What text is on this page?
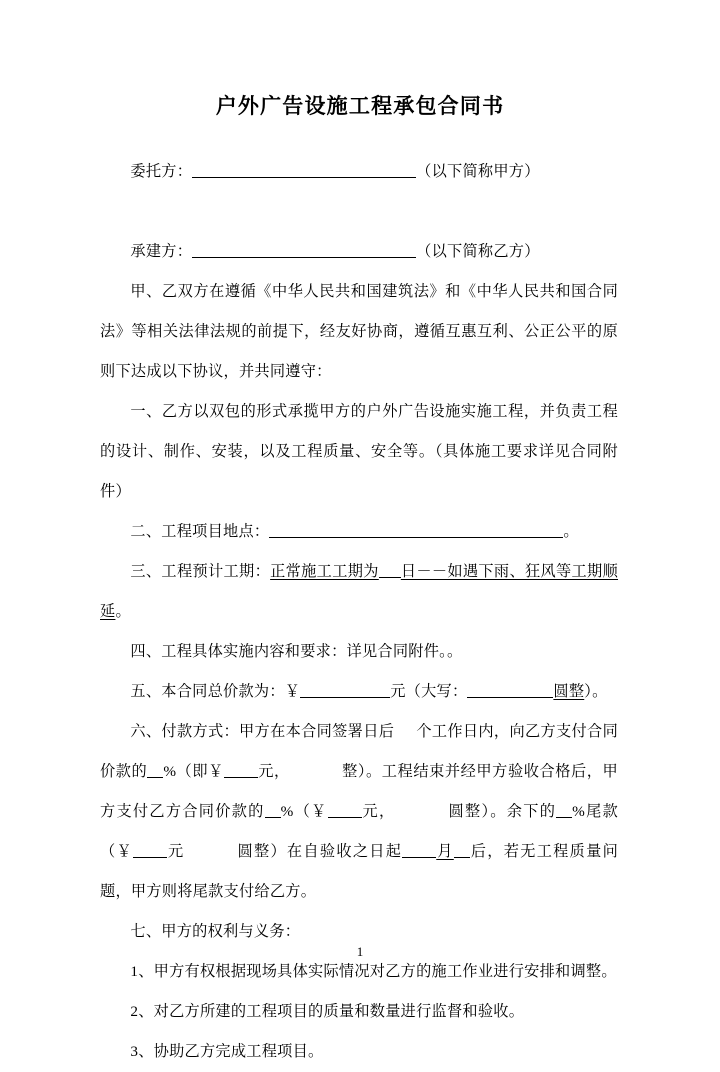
户外广告设施工程承包合同书

委托方：	（以下简称甲方）

承建方：	（以下简称乙方）

甲、乙双方在遵循《中华人民共和国建筑法》和《中华人民共和国合同法》等相关法律法规的前提下，经友好协商，遵循互惠互利、公正公平的原则下达成以下协议，并共同遵守：

一、乙方以双包的形式承揽甲方的户外广告设施实施工程，并负责工程的设计、制作、安装，以及工程质量、安全等。（具体施工要求详见合同附件）

二、工程项目地点：	。

三、工程预计工期：正常施工工期为 日－－如遇下雨、狂风等工期顺延。

四、工程具体实施内容和要求：详见合同附件。。

五、本合同总价款为：￥	元（大写：	圆整）。

六、付款方式：甲方在本合同签署日后 个工作日内，向乙方支付合同价款的 %（即￥ 元，	整）。工程结束并经甲方验收合格后，甲方支付乙方合同价款的 %（￥ 元，	圆整）。余下的 %尾款（￥ 元	圆整）在自验收之日起 月 后，若无工程质量问题，甲方则将尾款支付给乙方。

七、甲方的权利与义务：

1、甲方有权根据现场具体实际情况对乙方的施工作业进行安排和调整。

2、对乙方所建的工程项目的质量和数量进行监督和验收。

3、协助乙方完成工程项目。

1
